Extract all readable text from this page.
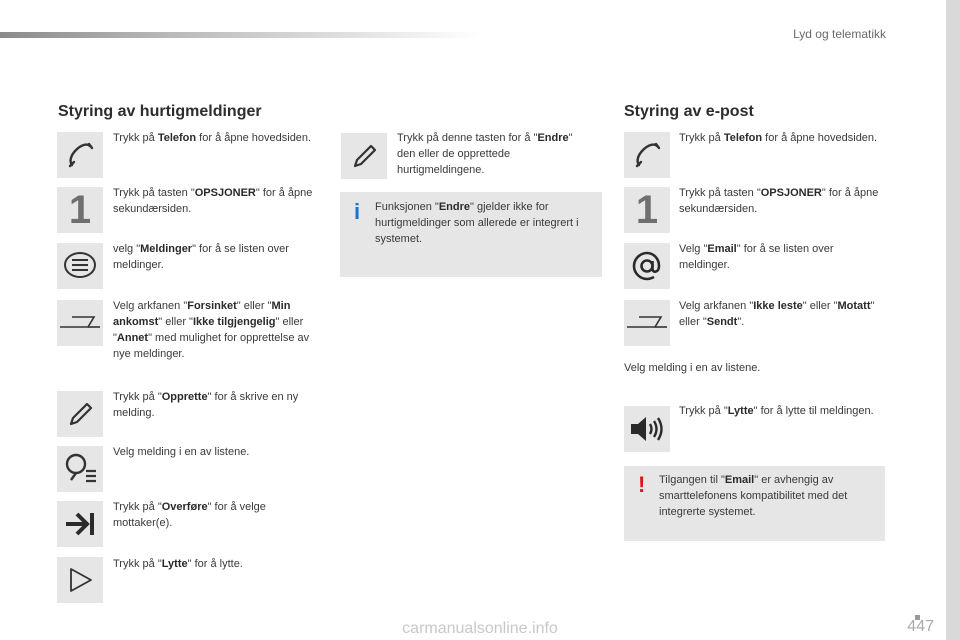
Lyd og telematikk
Styring av hurtigmeldinger
Trykk på Telefon for å åpne hovedsiden.
1 Trykk på tasten "OPSJONER" for å åpne sekundærsiden.
velg "Meldinger" for å se listen over meldinger.
Velg arkfanen "Forsinket" eller "Min ankomst" eller "Ikke tilgjengelig" eller "Annet" med mulighet for opprettelse av nye meldinger.
Trykk på "Opprette" for å skrive en ny melding.
Velg melding i en av listene.
Trykk på "Overføre" for å velge mottaker(e).
Trykk på "Lytte" for å lytte.
Trykk på denne tasten for å "Endre" den eller de opprettede hurtigmeldingene.
i Funksjonen "Endre" gjelder ikke for hurtigmeldinger som allerede er integrert i systemet.
Styring av e-post
Trykk på Telefon for å åpne hovedsiden.
1 Trykk på tasten "OPSJONER" for å åpne sekundærsiden.
Velg "Email" for å se listen over meldinger.
Velg arkfanen "Ikke leste" eller "Motatt" eller "Sendt".
Velg melding i en av listene.
Trykk på "Lytte" for å lytte til meldingen.
! Tilgangen til "Email" er avhengig av smarttelefonens kompatibilitet med det integrerte systemet.
447
carmanualsonline.info
